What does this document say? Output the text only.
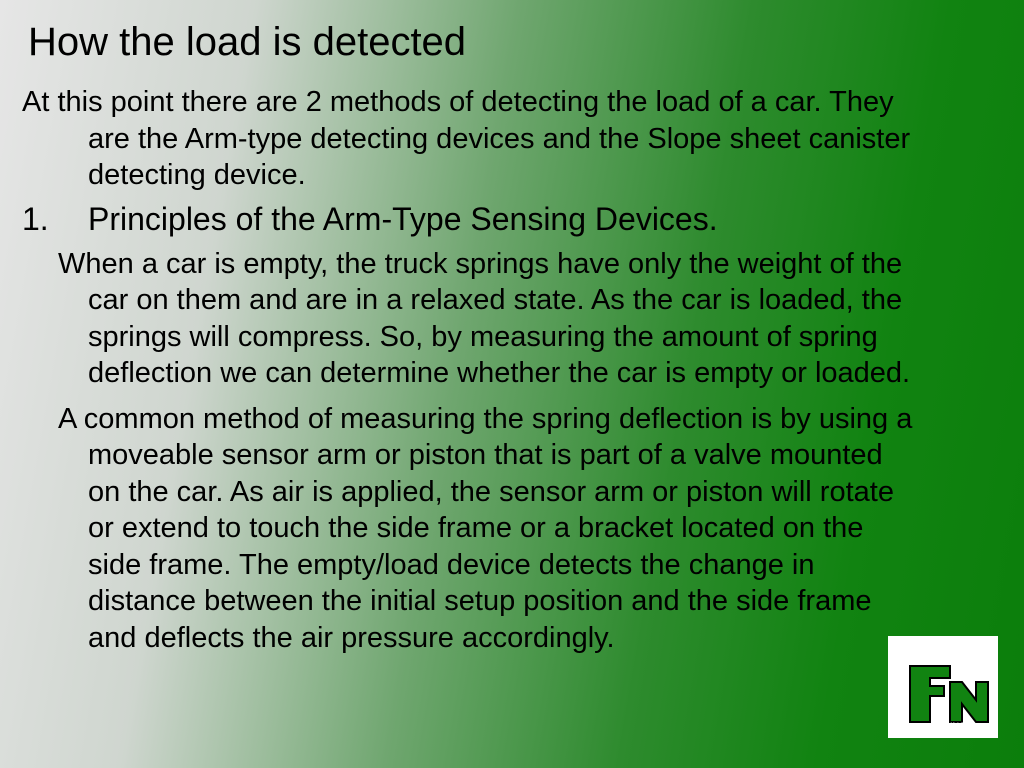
How the load is detected

At this point there are 2 methods of detecting the load of a car. They are the Arm-type detecting devices and the Slope sheet canister detecting device.

1.	Principles of the Arm-Type Sensing Devices.

When a car is empty, the truck springs have only the weight of the car on them and are in a relaxed state. As the car is loaded, the springs will compress. So, by measuring the amount of spring deflection we can determine whether the car is empty or loaded.

A common method of measuring the spring deflection is by using a moveable sensor arm or piston that is part of a valve mounted on the car. As air is applied, the sensor arm or piston will rotate or extend to touch the side frame or a bracket located on the side frame. The empty/load device detects the change in distance between the initial setup position and the side frame and deflects the air pressure accordingly.

INC.
